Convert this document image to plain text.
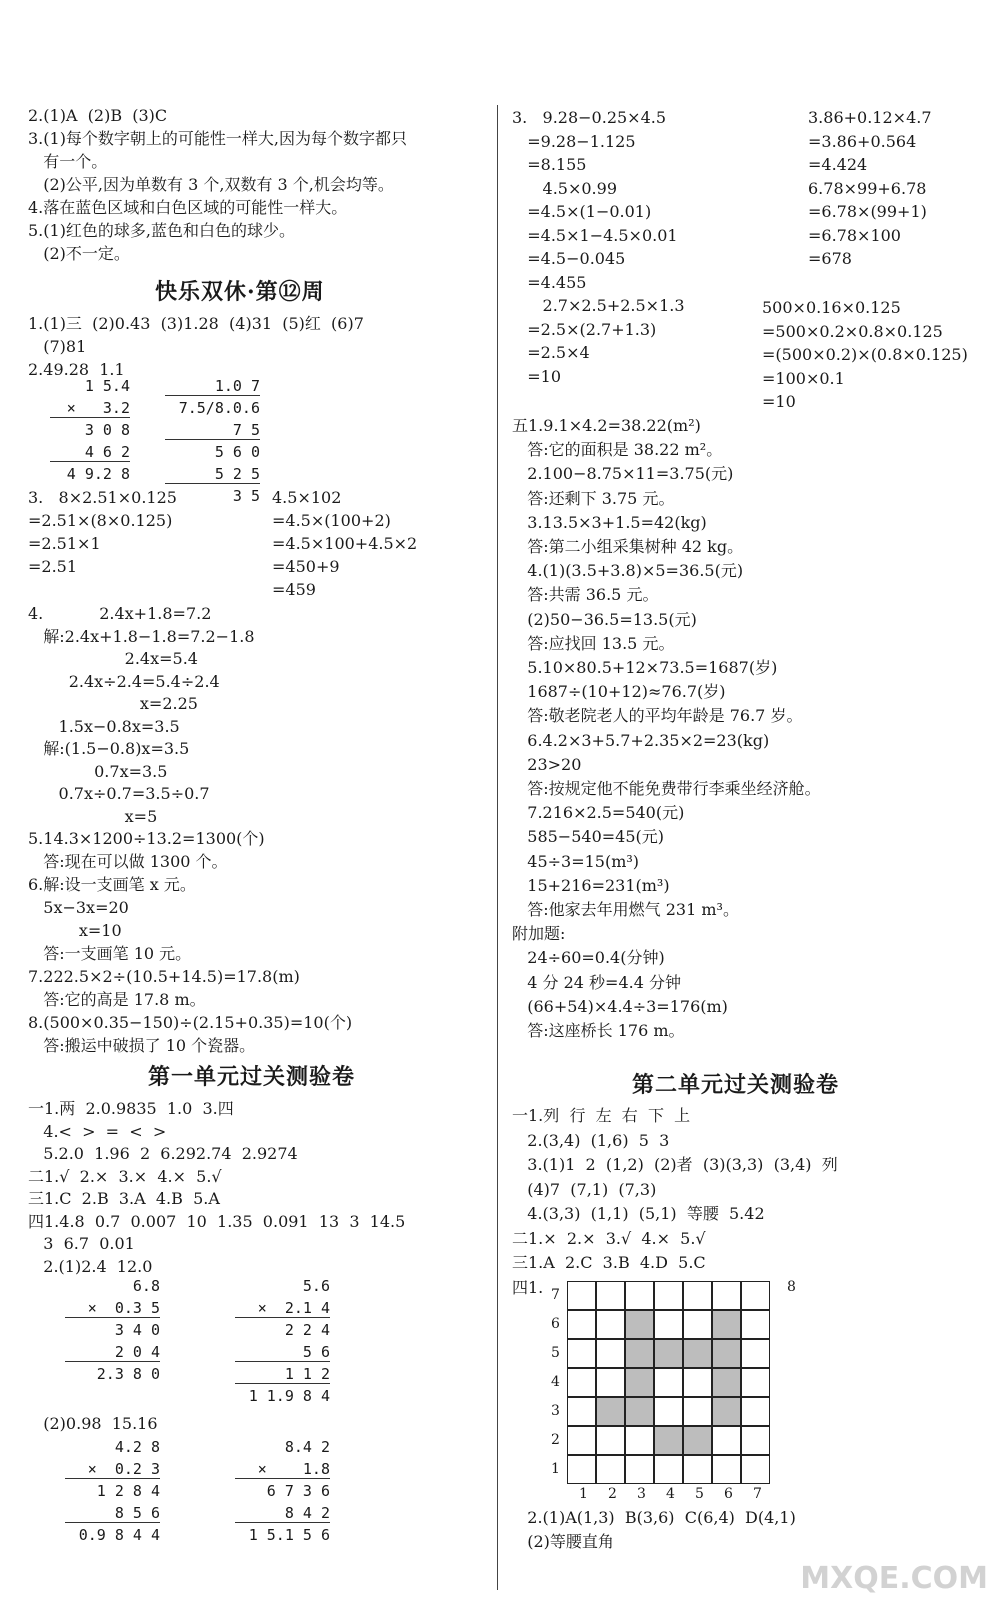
2.(1)A  (2)B  (3)C
3.(1)每个数字朝上的可能性一样大,因为每个数字都只
有一个。
(2)公平,因为单数有 3 个,双数有 3 个,机会均等。
4.落在蓝色区域和白色区域的可能性一样大。
5.(1)红色的球多,蓝色和白色的球少。
(2)不一定。
快乐双休·第⑫周
1.(1)三  (2)0.43  (3)1.28  (4)31  (5)红  (6)7
(7)81
2.49.28  1.1
1 5.4
×   3.2
3 0 8
4 6 2
4 9.2 8
1.0 7
7.5/8.0.6
7 5
5 6 0
5 2 5
3 5
3.   8×2.51×0.125
=2.51×(8×0.125)
=2.51×1
=2.51
4.5×102
=4.5×(100+2)
=4.5×100+4.5×2
=450+9
=459
4.           2.4x+1.8=7.2
解:2.4x+1.8−1.8=7.2−1.8
2.4x=5.4
2.4x÷2.4=5.4÷2.4
x=2.25
1.5x−0.8x=3.5
解:(1.5−0.8)x=3.5
0.7x=3.5
0.7x÷0.7=3.5÷0.7
x=5
5.14.3×1200÷13.2=1300(个)
答:现在可以做 1300 个。
6.解:设一支画笔 x 元。
5x−3x=20
x=10
答:一支画笔 10 元。
7.222.5×2÷(10.5+14.5)=17.8(m)
答:它的高是 17.8 m。
8.(500×0.35−150)÷(2.15+0.35)=10(个)
答:搬运中破损了 10 个瓷器。
第一单元过关测验卷
一1.两  2.0.9835  1.0  3.四
4.<  >  =  <  >
5.2.0  1.96  2  6.292.74  2.9274
二1.√  2.×  3.×  4.×  5.√
三1.C  2.B  3.A  4.B  5.A
四1.4.8  0.7  0.007  10  1.35  0.091  13  3  14.5
3  6.7  0.01
2.(1)2.4  12.0
6.8
×  0.3 5
3 4 0
2 0 4
2.3 8 0
5.6
×  2.1 4
2 2 4
5 6
1 1 2
1 1.9 8 4
(2)0.98  15.16
4.2 8
×  0.2 3
1 2 8 4
8 5 6
0.9 8 4 4
8.4 2
×    1.8
6 7 3 6
8 4 2
1 5.1 5 6
3.   9.28−0.25×4.5
=9.28−1.125
=8.155
4.5×0.99
=4.5×(1−0.01)
=4.5×1−4.5×0.01
=4.5−0.045
=4.455
2.7×2.5+2.5×1.3
=2.5×(2.7+1.3)
=2.5×4
=10
3.86+0.12×4.7
=3.86+0.564
=4.424
6.78×99+6.78
=6.78×(99+1)
=6.78×100
=678
500×0.16×0.125
=500×0.2×0.8×0.125
=(500×0.2)×(0.8×0.125)
=100×0.1
=10
五1.9.1×4.2=38.22(m²)
答:它的面积是 38.22 m²。
2.100−8.75×11=3.75(元)
答:还剩下 3.75 元。
3.13.5×3+1.5=42(kg)
答:第二小组采集树种 42 kg。
4.(1)(3.5+3.8)×5=36.5(元)
答:共需 36.5 元。
(2)50−36.5=13.5(元)
答:应找回 13.5 元。
5.10×80.5+12×73.5=1687(岁)
1687÷(10+12)≈76.7(岁)
答:敬老院老人的平均年龄是 76.7 岁。
6.4.2×3+5.7+2.35×2=23(kg)
23>20
答:按规定他不能免费带行李乘坐经济舱。
7.216×2.5=540(元)
585−540=45(元)
45÷3=15(m³)
15+216=231(m³)
答:他家去年用燃气 231 m³。
附加题:
24÷60=0.4(分钟)
4 分 24 秒=4.4 分钟
(66+54)×4.4÷3=176(m)
答:这座桥长 176 m。
第二单元过关测验卷
一1.列  行  左  右  下  上
2.(3,4)  (1,6)  5  3
3.(1)1  2  (1,2)  (2)者  (3)(3,3)  (3,4)  列
(4)7  (7,1)  (7,3)
4.(3,3)  (1,1)  (5,1)  等腰  5.42
二1.×  2.×  3.√  4.×  5.√
三1.A  2.C  3.B  4.D  5.C
四1.
2.(1)A(1,3)  B(3,6)  C(6,4)  D(4,1)
(2)等腰直角
7
6
5
4
3
2
1
1 2 3 4 5 6 7
8
MXQE.COM
